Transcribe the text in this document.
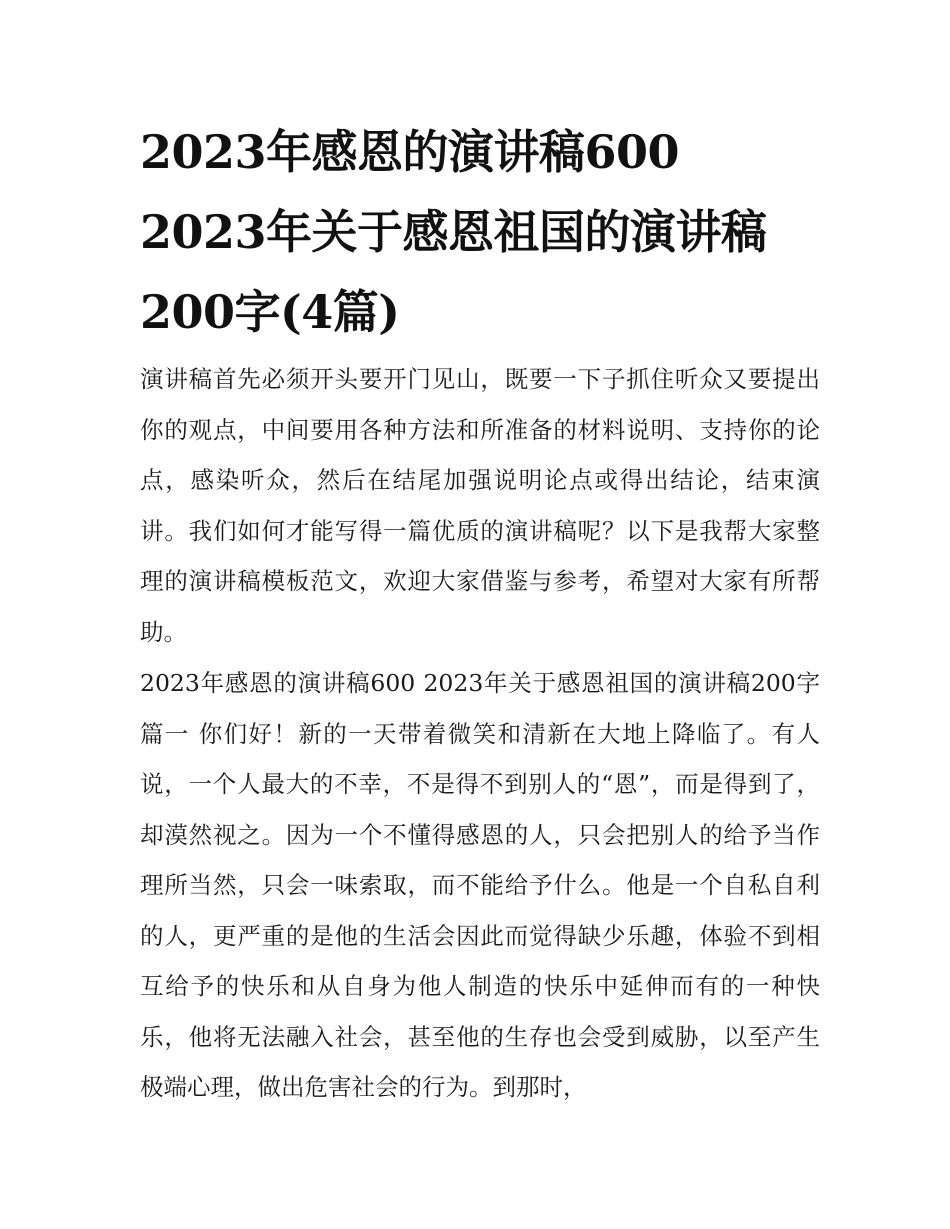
2023年感恩的演讲稿600 2023年关于感恩祖国的演讲稿200字(4篇)

演讲稿首先必须开头要开门见山，既要一下子抓住听众又要提出你的观点，中间要用各种方法和所准备的材料说明、支持你的论点，感染听众，然后在结尾加强说明论点或得出结论，结束演讲。我们如何才能写得一篇优质的演讲稿呢？以下是我帮大家整理的演讲稿模板范文，欢迎大家借鉴与参考，希望对大家有所帮助。

2023年感恩的演讲稿600 2023年关于感恩祖国的演讲稿200字篇一 你们好！新的一天带着微笑和清新在大地上降临了。有人说，一个人最大的不幸，不是得不到别人的“恩”，而是得到了，却漠然视之。因为一个不懂得感恩的人，只会把别人的给予当作理所当然，只会一味索取，而不能给予什么。他是一个自私自利的人，更严重的是他的生活会因此而觉得缺少乐趣，体验不到相互给予的快乐和从自身为他人制造的快乐中延伸而有的一种快乐，他将无法融入社会，甚至他的生存也会受到威胁，以至产生极端心理，做出危害社会的行为。到那时，
